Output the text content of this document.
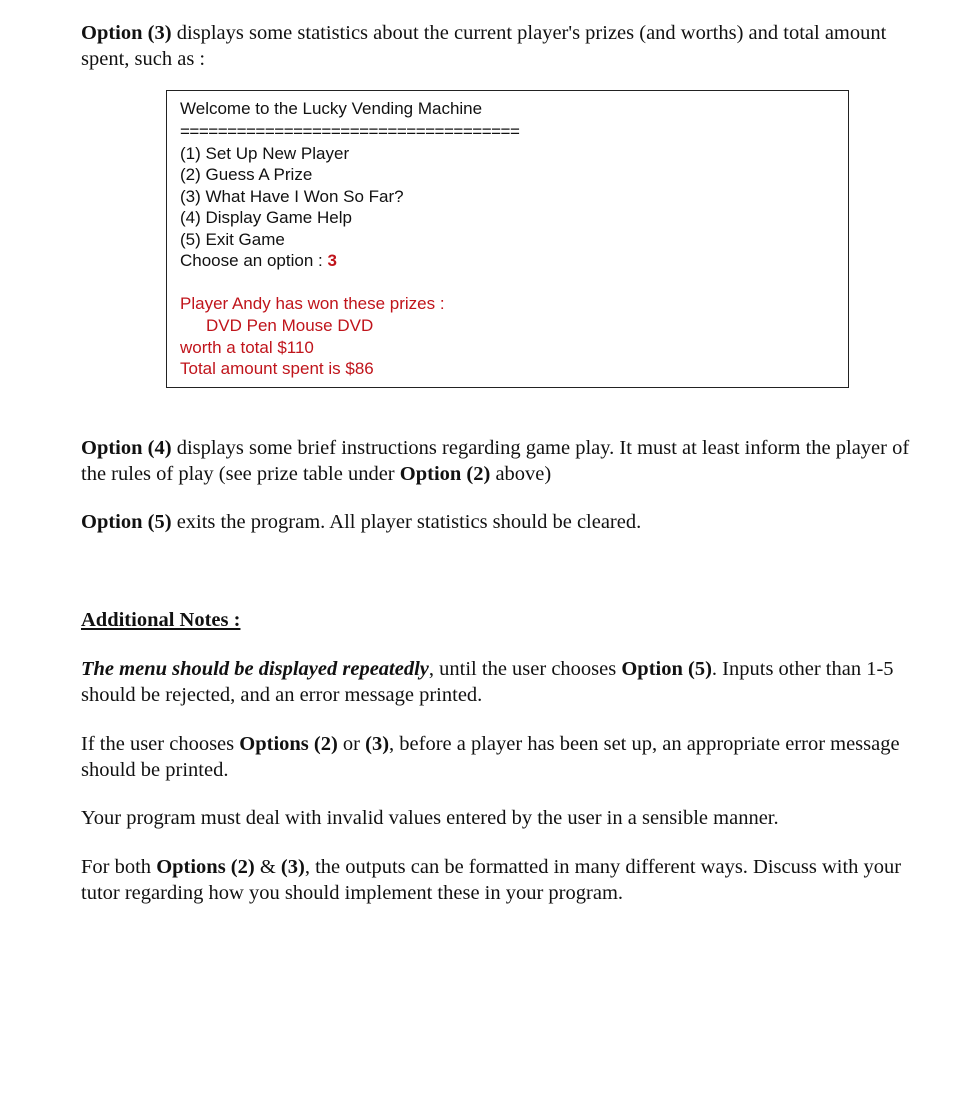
Option (3) displays some statistics about the current player's prizes (and worths) and total amount spent, such as :

Welcome to the Lucky Vending Machine
====================================
(1) Set Up New Player
(2) Guess A Prize
(3) What Have I Won So Far?
(4) Display Game Help
(5) Exit Game
Choose an option : 3
Player Andy has won these prizes :
DVD Pen Mouse DVD
worth a total $110
Total amount spent is $86

Option (4) displays some brief instructions regarding game play. It must at least inform the player of the rules of play (see prize table under Option (2) above)

Option (5) exits the program. All player statistics should be cleared.

Additional Notes :

The menu should be displayed repeatedly, until the user chooses Option (5). Inputs other than 1-5 should be rejected, and an error message printed.

If the user chooses Options (2) or (3), before a player has been set up, an appropriate error message should be printed.

Your program must deal with invalid values entered by the user in a sensible manner.

For both Options (2) & (3), the outputs can be formatted in many different ways. Discuss with your tutor regarding how you should implement these in your program.
